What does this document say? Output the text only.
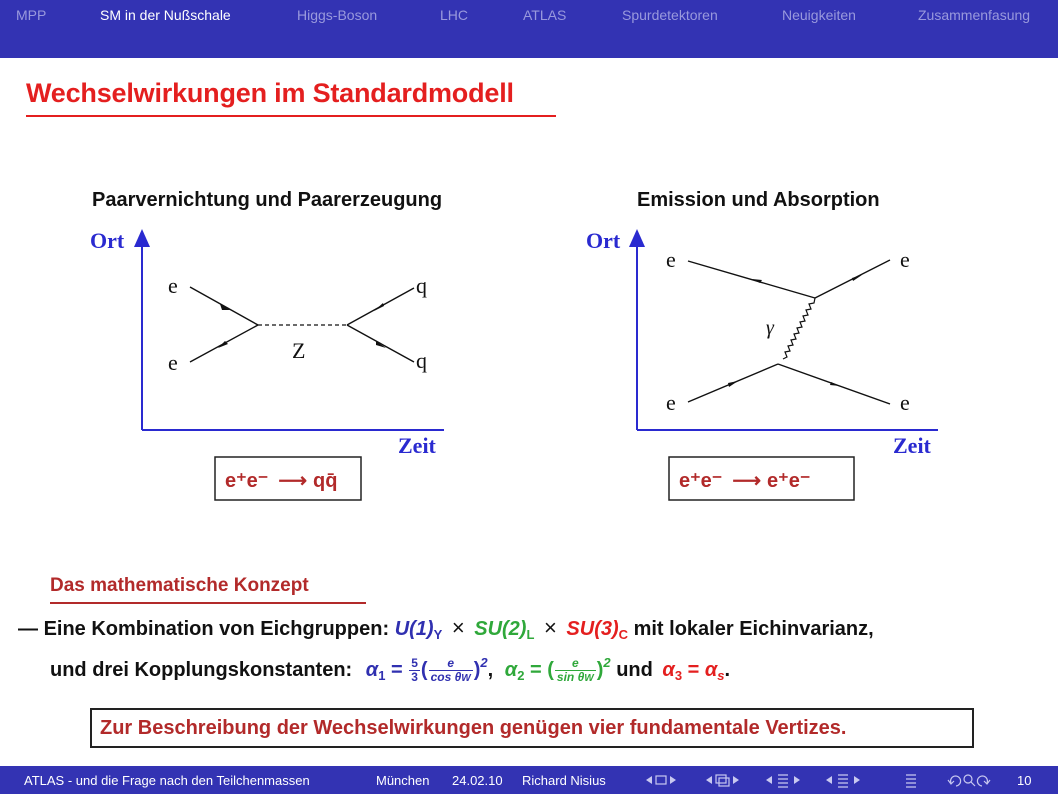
MPP	SM in der Nußschale	Higgs-Boson	LHC	ATLAS	Spurdetektoren	Neuigkeiten	Zusammenfasung
Wechselwirkungen im Standardmodell
Paarvernichtung und Paarerzeugung
Ort
Zeit
e
e
q
q
Z
e⁺e⁻ ⟶ qq̄
Emission und Absorption
Ort
Zeit
e	e
e	e
γ
e⁺e⁻ ⟶ e⁺e⁻
Das mathematische Konzept
— Eine Kombination von Eichgruppen: $U(1)_Y \times SU(2)_L \times SU(3)_C$ mit lokaler Eichinvarianz,
und drei Kopplungskonstanten: $\alpha_1 = \frac{5}{3}$ ( $\frac{e}{\text{cos θW}} )^2$, $\alpha_2$ = ( $\frac{e}{\text{sin θW}} )^2$ und $\alpha_3 = \alpha_s$.
Zur Beschreibung der Wechselwirkungen genügen vier fundamentale Vertizes.
ATLAS - und die Frage nach den Teilchenmassen	München 24.02.10 Richard Nisius	10
